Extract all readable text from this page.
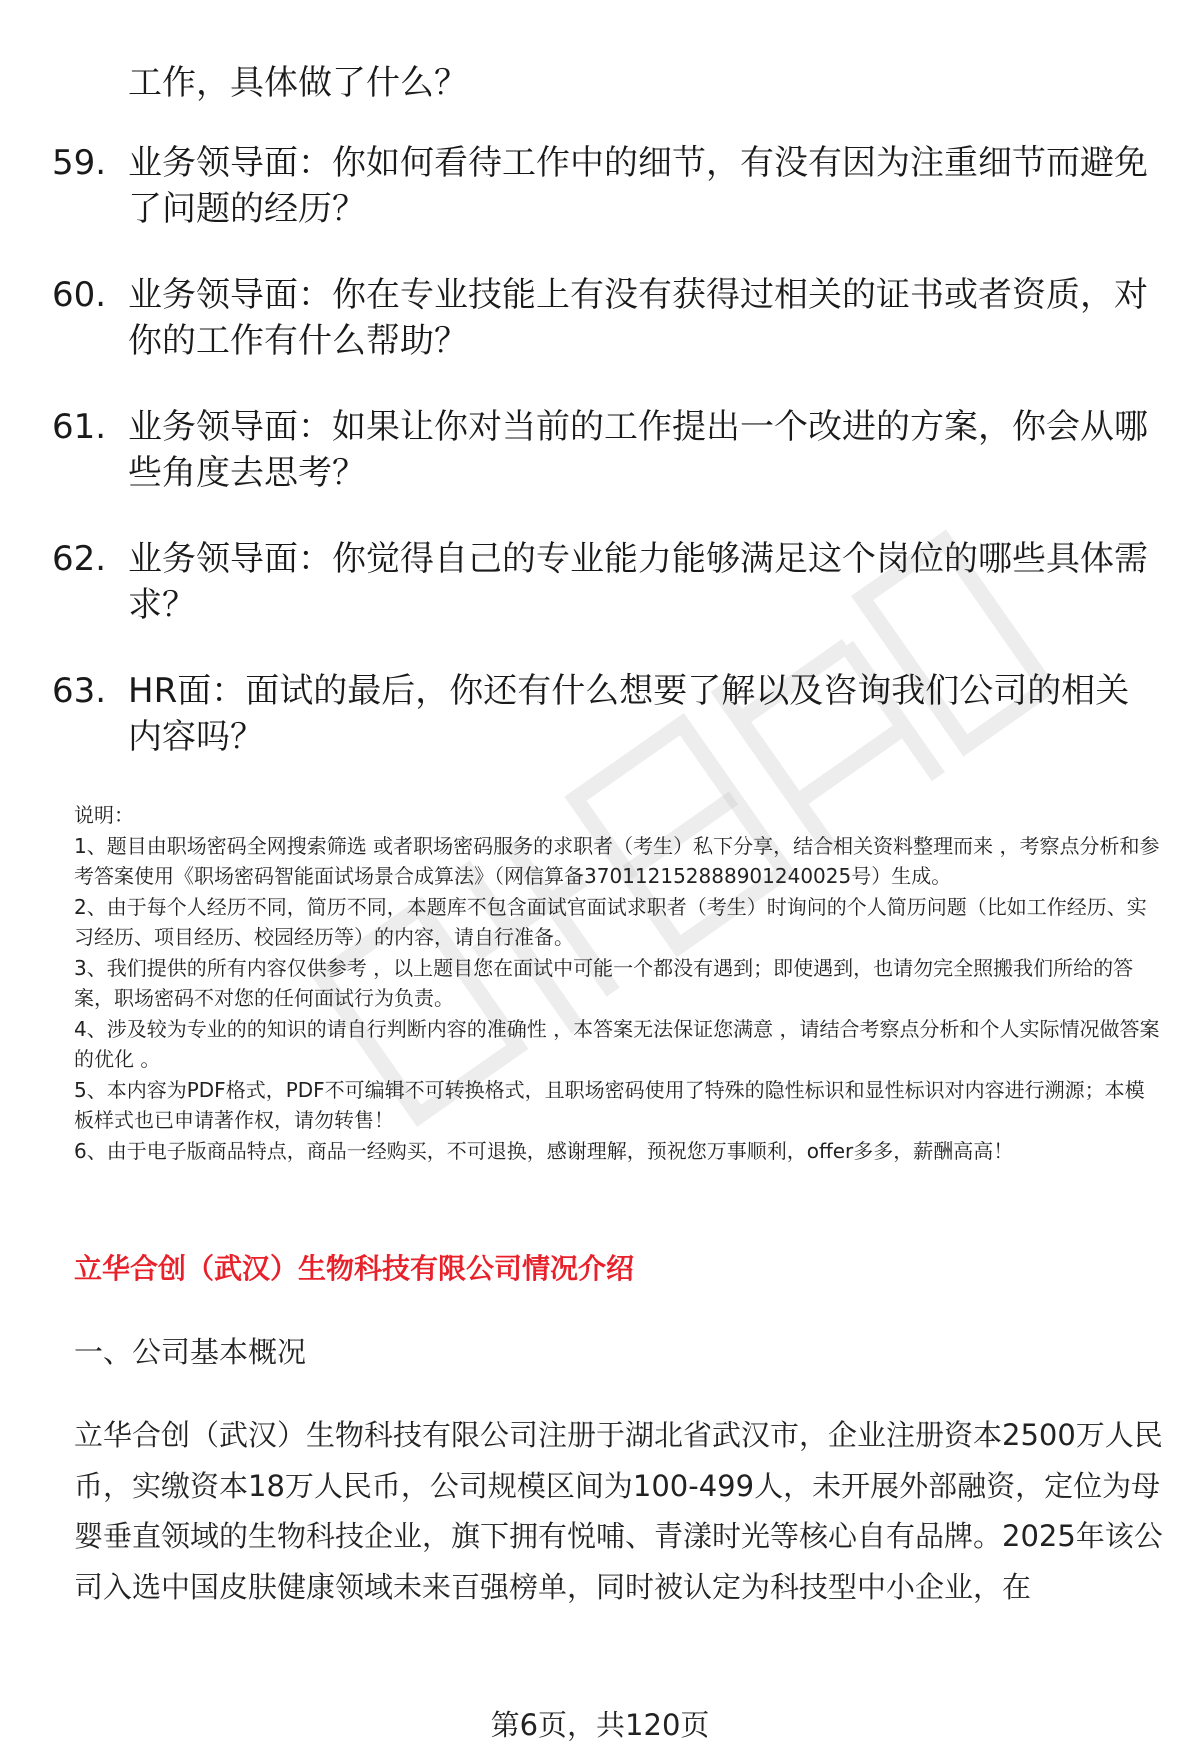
工作，具体做了什么？
59. 业务领导面：你如何看待工作中的细节，有没有因为注重细节而避免了问题的经历？
60. 业务领导面：你在专业技能上有没有获得过相关的证书或者资质，对你的工作有什么帮助？
61. 业务领导面：如果让你对当前的工作提出一个改进的方案，你会从哪些角度去思考？
62. 业务领导面：你觉得自己的专业能力能够满足这个岗位的哪些具体需求？
63. HR面：面试的最后，你还有什么想要了解以及咨询我们公司的相关内容吗？

说明：

1、题目由职场密码全网搜索筛选 或者职场密码服务的求职者（考生）私下分享，结合相关资料整理而来 ，考察点分析和参考答案使用《职场密码智能面试场景合成算法》（网信算备370112152888901240025号）生成。

2、由于每个人经历不同，简历不同，本题库不包含面试官面试求职者（考生）时询问的个人简历问题（比如工作经历、实习经历、项目经历、校园经历等）的内容，请自行准备。

3、我们提供的所有内容仅供参考 ，以上题目您在面试中可能一个都没有遇到；即使遇到，也请勿完全照搬我们所给的答案，职场密码不对您的任何面试行为负责。

4、涉及较为专业的的知识的请自行判断内容的准确性 ，本答案无法保证您满意 ，请结合考察点分析和个人实际情况做答案的优化 。

5、本内容为PDF格式，PDF不可编辑不可转换格式，且职场密码使用了特殊的隐性标识和显性标识对内容进行溯源；本模板样式也已申请著作权，请勿转售！

6、由于电子版商品特点，商品一经购买，不可退换，感谢理解，预祝您万事顺利，offer多多，薪酬高高！

立华合创（武汉）生物科技有限公司情况介绍
一、公司基本概况

立华合创（武汉）生物科技有限公司注册于湖北省武汉市，企业注册资本2500万人民币，实缴资本18万人民币，公司规模区间为100-499人，未开展外部融资，定位为母婴垂直领域的生物科技企业，旗下拥有悦哺、青漾时光等核心自有品牌。2025年该公司入选中国皮肤健康领域未来百强榜单，同时被认定为科技型中小企业，在

第6页，共120页
